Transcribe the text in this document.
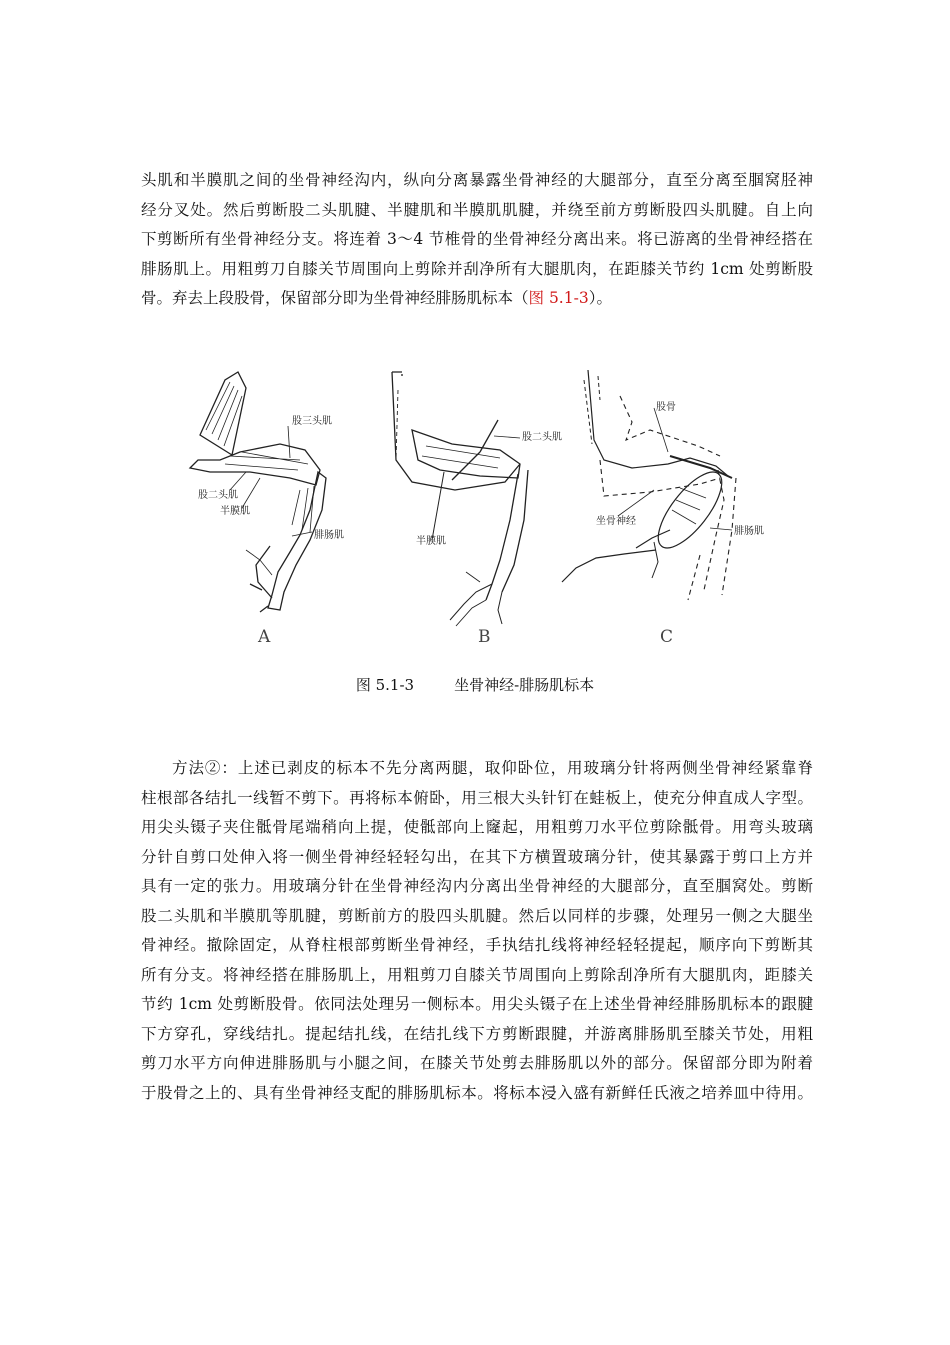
头肌和半膜肌之间的坐骨神经沟内，纵向分离暴露坐骨神经的大腿部分，直至分离至腘窝胫神
经分叉处。然后剪断股二头肌腱、半腱肌和半膜肌肌腱，并绕至前方剪断股四头肌腱。自上向
下剪断所有坐骨神经分支。将连着 3～4 节椎骨的坐骨神经分离出来。将已游离的坐骨神经搭在
腓肠肌上。用粗剪刀自膝关节周围向上剪除并刮净所有大腿肌肉，在距膝关节约 1cm 处剪断股
骨。弃去上段股骨，保留部分即为坐骨神经腓肠肌标本（图 5.1-3）。
股三头肌
股二头肌
半膜肌
腓肠肌
A
股二头肌
半膜肌
B
股骨
坐骨神经
腓肠肌
C
图 5.1-3	坐骨神经-腓肠肌标本
方法②：上述已剥皮的标本不先分离两腿，取仰卧位，用玻璃分针将两侧坐骨神经紧靠脊
柱根部各结扎一线暂不剪下。再将标本俯卧，用三根大头针钉在蛙板上，使充分伸直成人字型。
用尖头镊子夹住骶骨尾端稍向上提，使骶部向上窿起，用粗剪刀水平位剪除骶骨。用弯头玻璃
分针自剪口处伸入将一侧坐骨神经轻轻勾出，在其下方横置玻璃分针，使其暴露于剪口上方并
具有一定的张力。用玻璃分针在坐骨神经沟内分离出坐骨神经的大腿部分，直至腘窝处。剪断
股二头肌和半膜肌等肌腱，剪断前方的股四头肌腱。然后以同样的步骤，处理另一侧之大腿坐
骨神经。撤除固定，从脊柱根部剪断坐骨神经，手执结扎线将神经轻轻提起，顺序向下剪断其
所有分支。将神经搭在腓肠肌上，用粗剪刀自膝关节周围向上剪除刮净所有大腿肌肉，距膝关
节约 1cm 处剪断股骨。依同法处理另一侧标本。用尖头镊子在上述坐骨神经腓肠肌标本的跟腱
下方穿孔，穿线结扎。提起结扎线，在结扎线下方剪断跟腱，并游离腓肠肌至膝关节处，用粗
剪刀水平方向伸进腓肠肌与小腿之间，在膝关节处剪去腓肠肌以外的部分。保留部分即为附着
于股骨之上的、具有坐骨神经支配的腓肠肌标本。将标本浸入盛有新鲜任氏液之培养皿中待用。
